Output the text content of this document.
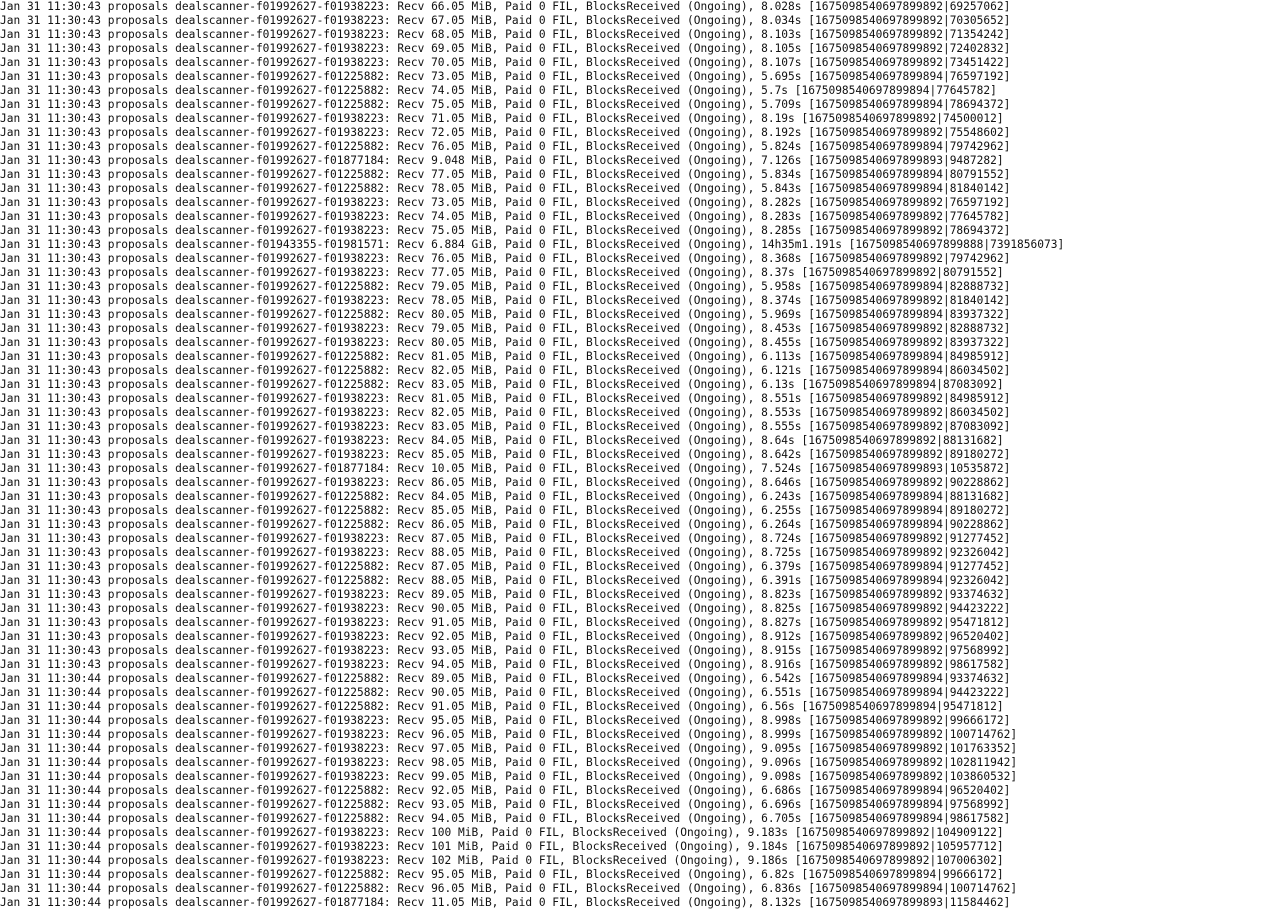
Jan 31 11:30:43 proposals dealscanner-f01992627-f01938223: Recv 66.05 MiB, Paid 0 FIL, BlocksReceived (Ongoing), 8.028s [1675098540697899892|69257062]
Jan 31 11:30:43 proposals dealscanner-f01992627-f01938223: Recv 67.05 MiB, Paid 0 FIL, BlocksReceived (Ongoing), 8.034s [1675098540697899892|70305652]
Jan 31 11:30:43 proposals dealscanner-f01992627-f01938223: Recv 68.05 MiB, Paid 0 FIL, BlocksReceived (Ongoing), 8.103s [1675098540697899892|71354242]
Jan 31 11:30:43 proposals dealscanner-f01992627-f01938223: Recv 69.05 MiB, Paid 0 FIL, BlocksReceived (Ongoing), 8.105s [1675098540697899892|72402832]
Jan 31 11:30:43 proposals dealscanner-f01992627-f01938223: Recv 70.05 MiB, Paid 0 FIL, BlocksReceived (Ongoing), 8.107s [1675098540697899892|73451422]
Jan 31 11:30:43 proposals dealscanner-f01992627-f01225882: Recv 73.05 MiB, Paid 0 FIL, BlocksReceived (Ongoing), 5.695s [1675098540697899894|76597192]
Jan 31 11:30:43 proposals dealscanner-f01992627-f01225882: Recv 74.05 MiB, Paid 0 FIL, BlocksReceived (Ongoing), 5.7s [1675098540697899894|77645782]
Jan 31 11:30:43 proposals dealscanner-f01992627-f01225882: Recv 75.05 MiB, Paid 0 FIL, BlocksReceived (Ongoing), 5.709s [1675098540697899894|78694372]
Jan 31 11:30:43 proposals dealscanner-f01992627-f01938223: Recv 71.05 MiB, Paid 0 FIL, BlocksReceived (Ongoing), 8.19s [1675098540697899892|74500012]
Jan 31 11:30:43 proposals dealscanner-f01992627-f01938223: Recv 72.05 MiB, Paid 0 FIL, BlocksReceived (Ongoing), 8.192s [1675098540697899892|75548602]
Jan 31 11:30:43 proposals dealscanner-f01992627-f01225882: Recv 76.05 MiB, Paid 0 FIL, BlocksReceived (Ongoing), 5.824s [1675098540697899894|79742962]
Jan 31 11:30:43 proposals dealscanner-f01992627-f01877184: Recv 9.048 MiB, Paid 0 FIL, BlocksReceived (Ongoing), 7.126s [1675098540697899893|9487282]
Jan 31 11:30:43 proposals dealscanner-f01992627-f01225882: Recv 77.05 MiB, Paid 0 FIL, BlocksReceived (Ongoing), 5.834s [1675098540697899894|80791552]
Jan 31 11:30:43 proposals dealscanner-f01992627-f01225882: Recv 78.05 MiB, Paid 0 FIL, BlocksReceived (Ongoing), 5.843s [1675098540697899894|81840142]
Jan 31 11:30:43 proposals dealscanner-f01992627-f01938223: Recv 73.05 MiB, Paid 0 FIL, BlocksReceived (Ongoing), 8.282s [1675098540697899892|76597192]
Jan 31 11:30:43 proposals dealscanner-f01992627-f01938223: Recv 74.05 MiB, Paid 0 FIL, BlocksReceived (Ongoing), 8.283s [1675098540697899892|77645782]
Jan 31 11:30:43 proposals dealscanner-f01992627-f01938223: Recv 75.05 MiB, Paid 0 FIL, BlocksReceived (Ongoing), 8.285s [1675098540697899892|78694372]
Jan 31 11:30:43 proposals dealscanner-f01943355-f01981571: Recv 6.884 GiB, Paid 0 FIL, BlocksReceived (Ongoing), 14h35m1.191s [1675098540697899888|7391856073]
Jan 31 11:30:43 proposals dealscanner-f01992627-f01938223: Recv 76.05 MiB, Paid 0 FIL, BlocksReceived (Ongoing), 8.368s [1675098540697899892|79742962]
Jan 31 11:30:43 proposals dealscanner-f01992627-f01938223: Recv 77.05 MiB, Paid 0 FIL, BlocksReceived (Ongoing), 8.37s [1675098540697899892|80791552]
Jan 31 11:30:43 proposals dealscanner-f01992627-f01225882: Recv 79.05 MiB, Paid 0 FIL, BlocksReceived (Ongoing), 5.958s [1675098540697899894|82888732]
Jan 31 11:30:43 proposals dealscanner-f01992627-f01938223: Recv 78.05 MiB, Paid 0 FIL, BlocksReceived (Ongoing), 8.374s [1675098540697899892|81840142]
Jan 31 11:30:43 proposals dealscanner-f01992627-f01225882: Recv 80.05 MiB, Paid 0 FIL, BlocksReceived (Ongoing), 5.969s [1675098540697899894|83937322]
Jan 31 11:30:43 proposals dealscanner-f01992627-f01938223: Recv 79.05 MiB, Paid 0 FIL, BlocksReceived (Ongoing), 8.453s [1675098540697899892|82888732]
Jan 31 11:30:43 proposals dealscanner-f01992627-f01938223: Recv 80.05 MiB, Paid 0 FIL, BlocksReceived (Ongoing), 8.455s [1675098540697899892|83937322]
Jan 31 11:30:43 proposals dealscanner-f01992627-f01225882: Recv 81.05 MiB, Paid 0 FIL, BlocksReceived (Ongoing), 6.113s [1675098540697899894|84985912]
Jan 31 11:30:43 proposals dealscanner-f01992627-f01225882: Recv 82.05 MiB, Paid 0 FIL, BlocksReceived (Ongoing), 6.121s [1675098540697899894|86034502]
Jan 31 11:30:43 proposals dealscanner-f01992627-f01225882: Recv 83.05 MiB, Paid 0 FIL, BlocksReceived (Ongoing), 6.13s [1675098540697899894|87083092]
Jan 31 11:30:43 proposals dealscanner-f01992627-f01938223: Recv 81.05 MiB, Paid 0 FIL, BlocksReceived (Ongoing), 8.551s [1675098540697899892|84985912]
Jan 31 11:30:43 proposals dealscanner-f01992627-f01938223: Recv 82.05 MiB, Paid 0 FIL, BlocksReceived (Ongoing), 8.553s [1675098540697899892|86034502]
Jan 31 11:30:43 proposals dealscanner-f01992627-f01938223: Recv 83.05 MiB, Paid 0 FIL, BlocksReceived (Ongoing), 8.555s [1675098540697899892|87083092]
Jan 31 11:30:43 proposals dealscanner-f01992627-f01938223: Recv 84.05 MiB, Paid 0 FIL, BlocksReceived (Ongoing), 8.64s [1675098540697899892|88131682]
Jan 31 11:30:43 proposals dealscanner-f01992627-f01938223: Recv 85.05 MiB, Paid 0 FIL, BlocksReceived (Ongoing), 8.642s [1675098540697899892|89180272]
Jan 31 11:30:43 proposals dealscanner-f01992627-f01877184: Recv 10.05 MiB, Paid 0 FIL, BlocksReceived (Ongoing), 7.524s [1675098540697899893|10535872]
Jan 31 11:30:43 proposals dealscanner-f01992627-f01938223: Recv 86.05 MiB, Paid 0 FIL, BlocksReceived (Ongoing), 8.646s [1675098540697899892|90228862]
Jan 31 11:30:43 proposals dealscanner-f01992627-f01225882: Recv 84.05 MiB, Paid 0 FIL, BlocksReceived (Ongoing), 6.243s [1675098540697899894|88131682]
Jan 31 11:30:43 proposals dealscanner-f01992627-f01225882: Recv 85.05 MiB, Paid 0 FIL, BlocksReceived (Ongoing), 6.255s [1675098540697899894|89180272]
Jan 31 11:30:43 proposals dealscanner-f01992627-f01225882: Recv 86.05 MiB, Paid 0 FIL, BlocksReceived (Ongoing), 6.264s [1675098540697899894|90228862]
Jan 31 11:30:43 proposals dealscanner-f01992627-f01938223: Recv 87.05 MiB, Paid 0 FIL, BlocksReceived (Ongoing), 8.724s [1675098540697899892|91277452]
Jan 31 11:30:43 proposals dealscanner-f01992627-f01938223: Recv 88.05 MiB, Paid 0 FIL, BlocksReceived (Ongoing), 8.725s [1675098540697899892|92326042]
Jan 31 11:30:43 proposals dealscanner-f01992627-f01225882: Recv 87.05 MiB, Paid 0 FIL, BlocksReceived (Ongoing), 6.379s [1675098540697899894|91277452]
Jan 31 11:30:43 proposals dealscanner-f01992627-f01225882: Recv 88.05 MiB, Paid 0 FIL, BlocksReceived (Ongoing), 6.391s [1675098540697899894|92326042]
Jan 31 11:30:43 proposals dealscanner-f01992627-f01938223: Recv 89.05 MiB, Paid 0 FIL, BlocksReceived (Ongoing), 8.823s [1675098540697899892|93374632]
Jan 31 11:30:43 proposals dealscanner-f01992627-f01938223: Recv 90.05 MiB, Paid 0 FIL, BlocksReceived (Ongoing), 8.825s [1675098540697899892|94423222]
Jan 31 11:30:43 proposals dealscanner-f01992627-f01938223: Recv 91.05 MiB, Paid 0 FIL, BlocksReceived (Ongoing), 8.827s [1675098540697899892|95471812]
Jan 31 11:30:43 proposals dealscanner-f01992627-f01938223: Recv 92.05 MiB, Paid 0 FIL, BlocksReceived (Ongoing), 8.912s [1675098540697899892|96520402]
Jan 31 11:30:43 proposals dealscanner-f01992627-f01938223: Recv 93.05 MiB, Paid 0 FIL, BlocksReceived (Ongoing), 8.915s [1675098540697899892|97568992]
Jan 31 11:30:43 proposals dealscanner-f01992627-f01938223: Recv 94.05 MiB, Paid 0 FIL, BlocksReceived (Ongoing), 8.916s [1675098540697899892|98617582]
Jan 31 11:30:44 proposals dealscanner-f01992627-f01225882: Recv 89.05 MiB, Paid 0 FIL, BlocksReceived (Ongoing), 6.542s [1675098540697899894|93374632]
Jan 31 11:30:44 proposals dealscanner-f01992627-f01225882: Recv 90.05 MiB, Paid 0 FIL, BlocksReceived (Ongoing), 6.551s [1675098540697899894|94423222]
Jan 31 11:30:44 proposals dealscanner-f01992627-f01225882: Recv 91.05 MiB, Paid 0 FIL, BlocksReceived (Ongoing), 6.56s [1675098540697899894|95471812]
Jan 31 11:30:44 proposals dealscanner-f01992627-f01938223: Recv 95.05 MiB, Paid 0 FIL, BlocksReceived (Ongoing), 8.998s [1675098540697899892|99666172]
Jan 31 11:30:44 proposals dealscanner-f01992627-f01938223: Recv 96.05 MiB, Paid 0 FIL, BlocksReceived (Ongoing), 8.999s [1675098540697899892|100714762]
Jan 31 11:30:44 proposals dealscanner-f01992627-f01938223: Recv 97.05 MiB, Paid 0 FIL, BlocksReceived (Ongoing), 9.095s [1675098540697899892|101763352]
Jan 31 11:30:44 proposals dealscanner-f01992627-f01938223: Recv 98.05 MiB, Paid 0 FIL, BlocksReceived (Ongoing), 9.096s [1675098540697899892|102811942]
Jan 31 11:30:44 proposals dealscanner-f01992627-f01938223: Recv 99.05 MiB, Paid 0 FIL, BlocksReceived (Ongoing), 9.098s [1675098540697899892|103860532]
Jan 31 11:30:44 proposals dealscanner-f01992627-f01225882: Recv 92.05 MiB, Paid 0 FIL, BlocksReceived (Ongoing), 6.686s [1675098540697899894|96520402]
Jan 31 11:30:44 proposals dealscanner-f01992627-f01225882: Recv 93.05 MiB, Paid 0 FIL, BlocksReceived (Ongoing), 6.696s [1675098540697899894|97568992]
Jan 31 11:30:44 proposals dealscanner-f01992627-f01225882: Recv 94.05 MiB, Paid 0 FIL, BlocksReceived (Ongoing), 6.705s [1675098540697899894|98617582]
Jan 31 11:30:44 proposals dealscanner-f01992627-f01938223: Recv 100 MiB, Paid 0 FIL, BlocksReceived (Ongoing), 9.183s [1675098540697899892|104909122]
Jan 31 11:30:44 proposals dealscanner-f01992627-f01938223: Recv 101 MiB, Paid 0 FIL, BlocksReceived (Ongoing), 9.184s [1675098540697899892|105957712]
Jan 31 11:30:44 proposals dealscanner-f01992627-f01938223: Recv 102 MiB, Paid 0 FIL, BlocksReceived (Ongoing), 9.186s [1675098540697899892|107006302]
Jan 31 11:30:44 proposals dealscanner-f01992627-f01225882: Recv 95.05 MiB, Paid 0 FIL, BlocksReceived (Ongoing), 6.82s [1675098540697899894|99666172]
Jan 31 11:30:44 proposals dealscanner-f01992627-f01225882: Recv 96.05 MiB, Paid 0 FIL, BlocksReceived (Ongoing), 6.836s [1675098540697899894|100714762]
Jan 31 11:30:44 proposals dealscanner-f01992627-f01877184: Recv 11.05 MiB, Paid 0 FIL, BlocksReceived (Ongoing), 8.132s [1675098540697899893|11584462]
